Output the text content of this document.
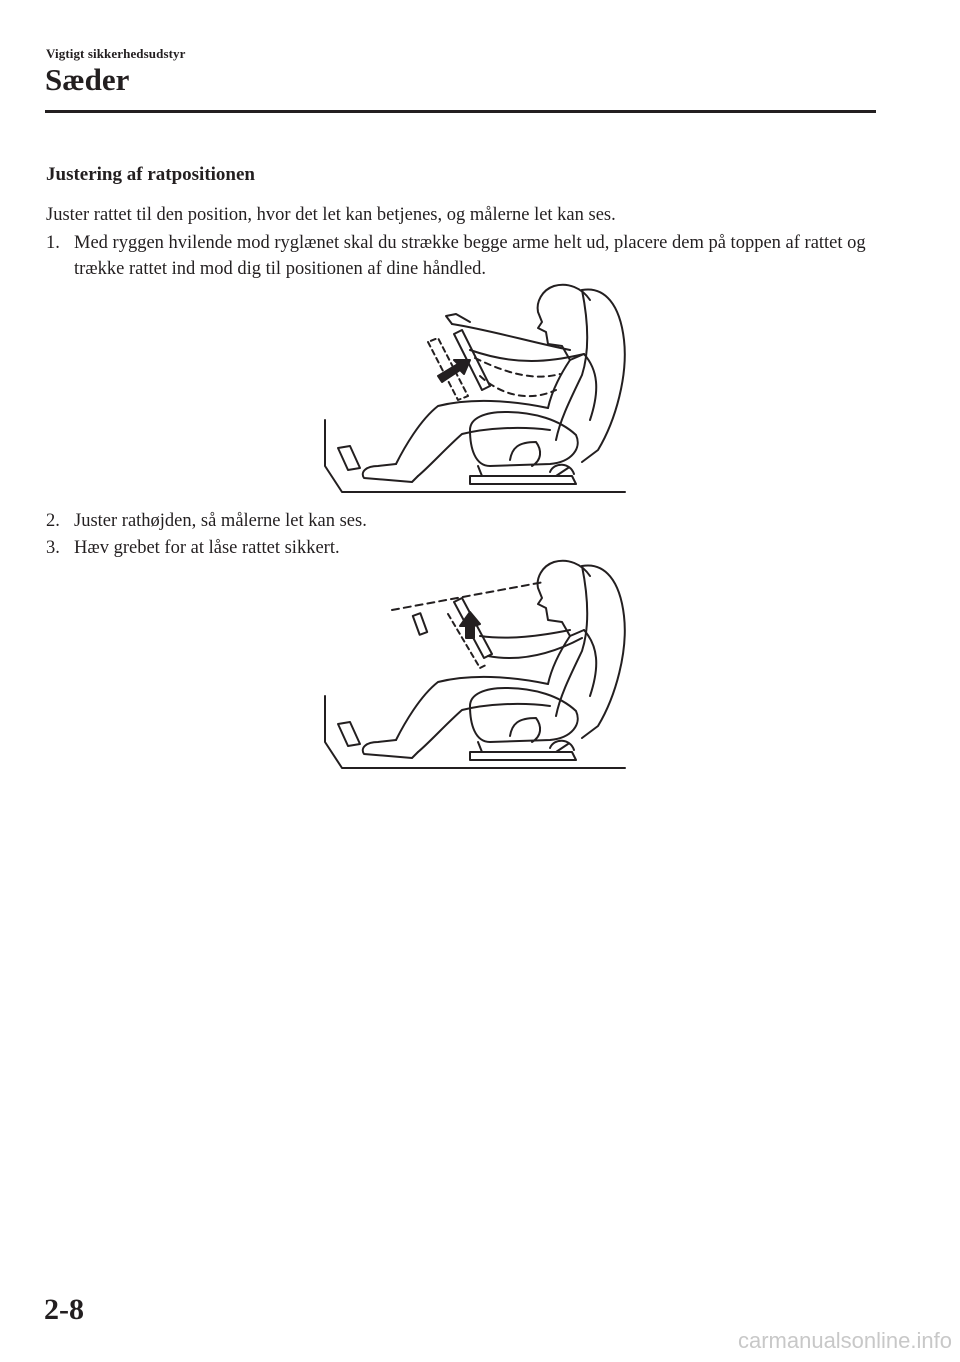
Vigtigt sikkerhedsudstyr
Sæder
Justering af ratpositionen

Juster rattet til den position, hvor det let kan betjenes, og målerne let kan ses.

1. Med ryggen hvilende mod ryglænet skal du strække begge arme helt ud, placere dem på toppen af rattet og trække rattet ind mod dig til positionen af dine håndled.
2. Juster rathøjden, så målerne let kan ses.
3. Hæv grebet for at låse rattet sikkert.
2-8
carmanualsonline.info
